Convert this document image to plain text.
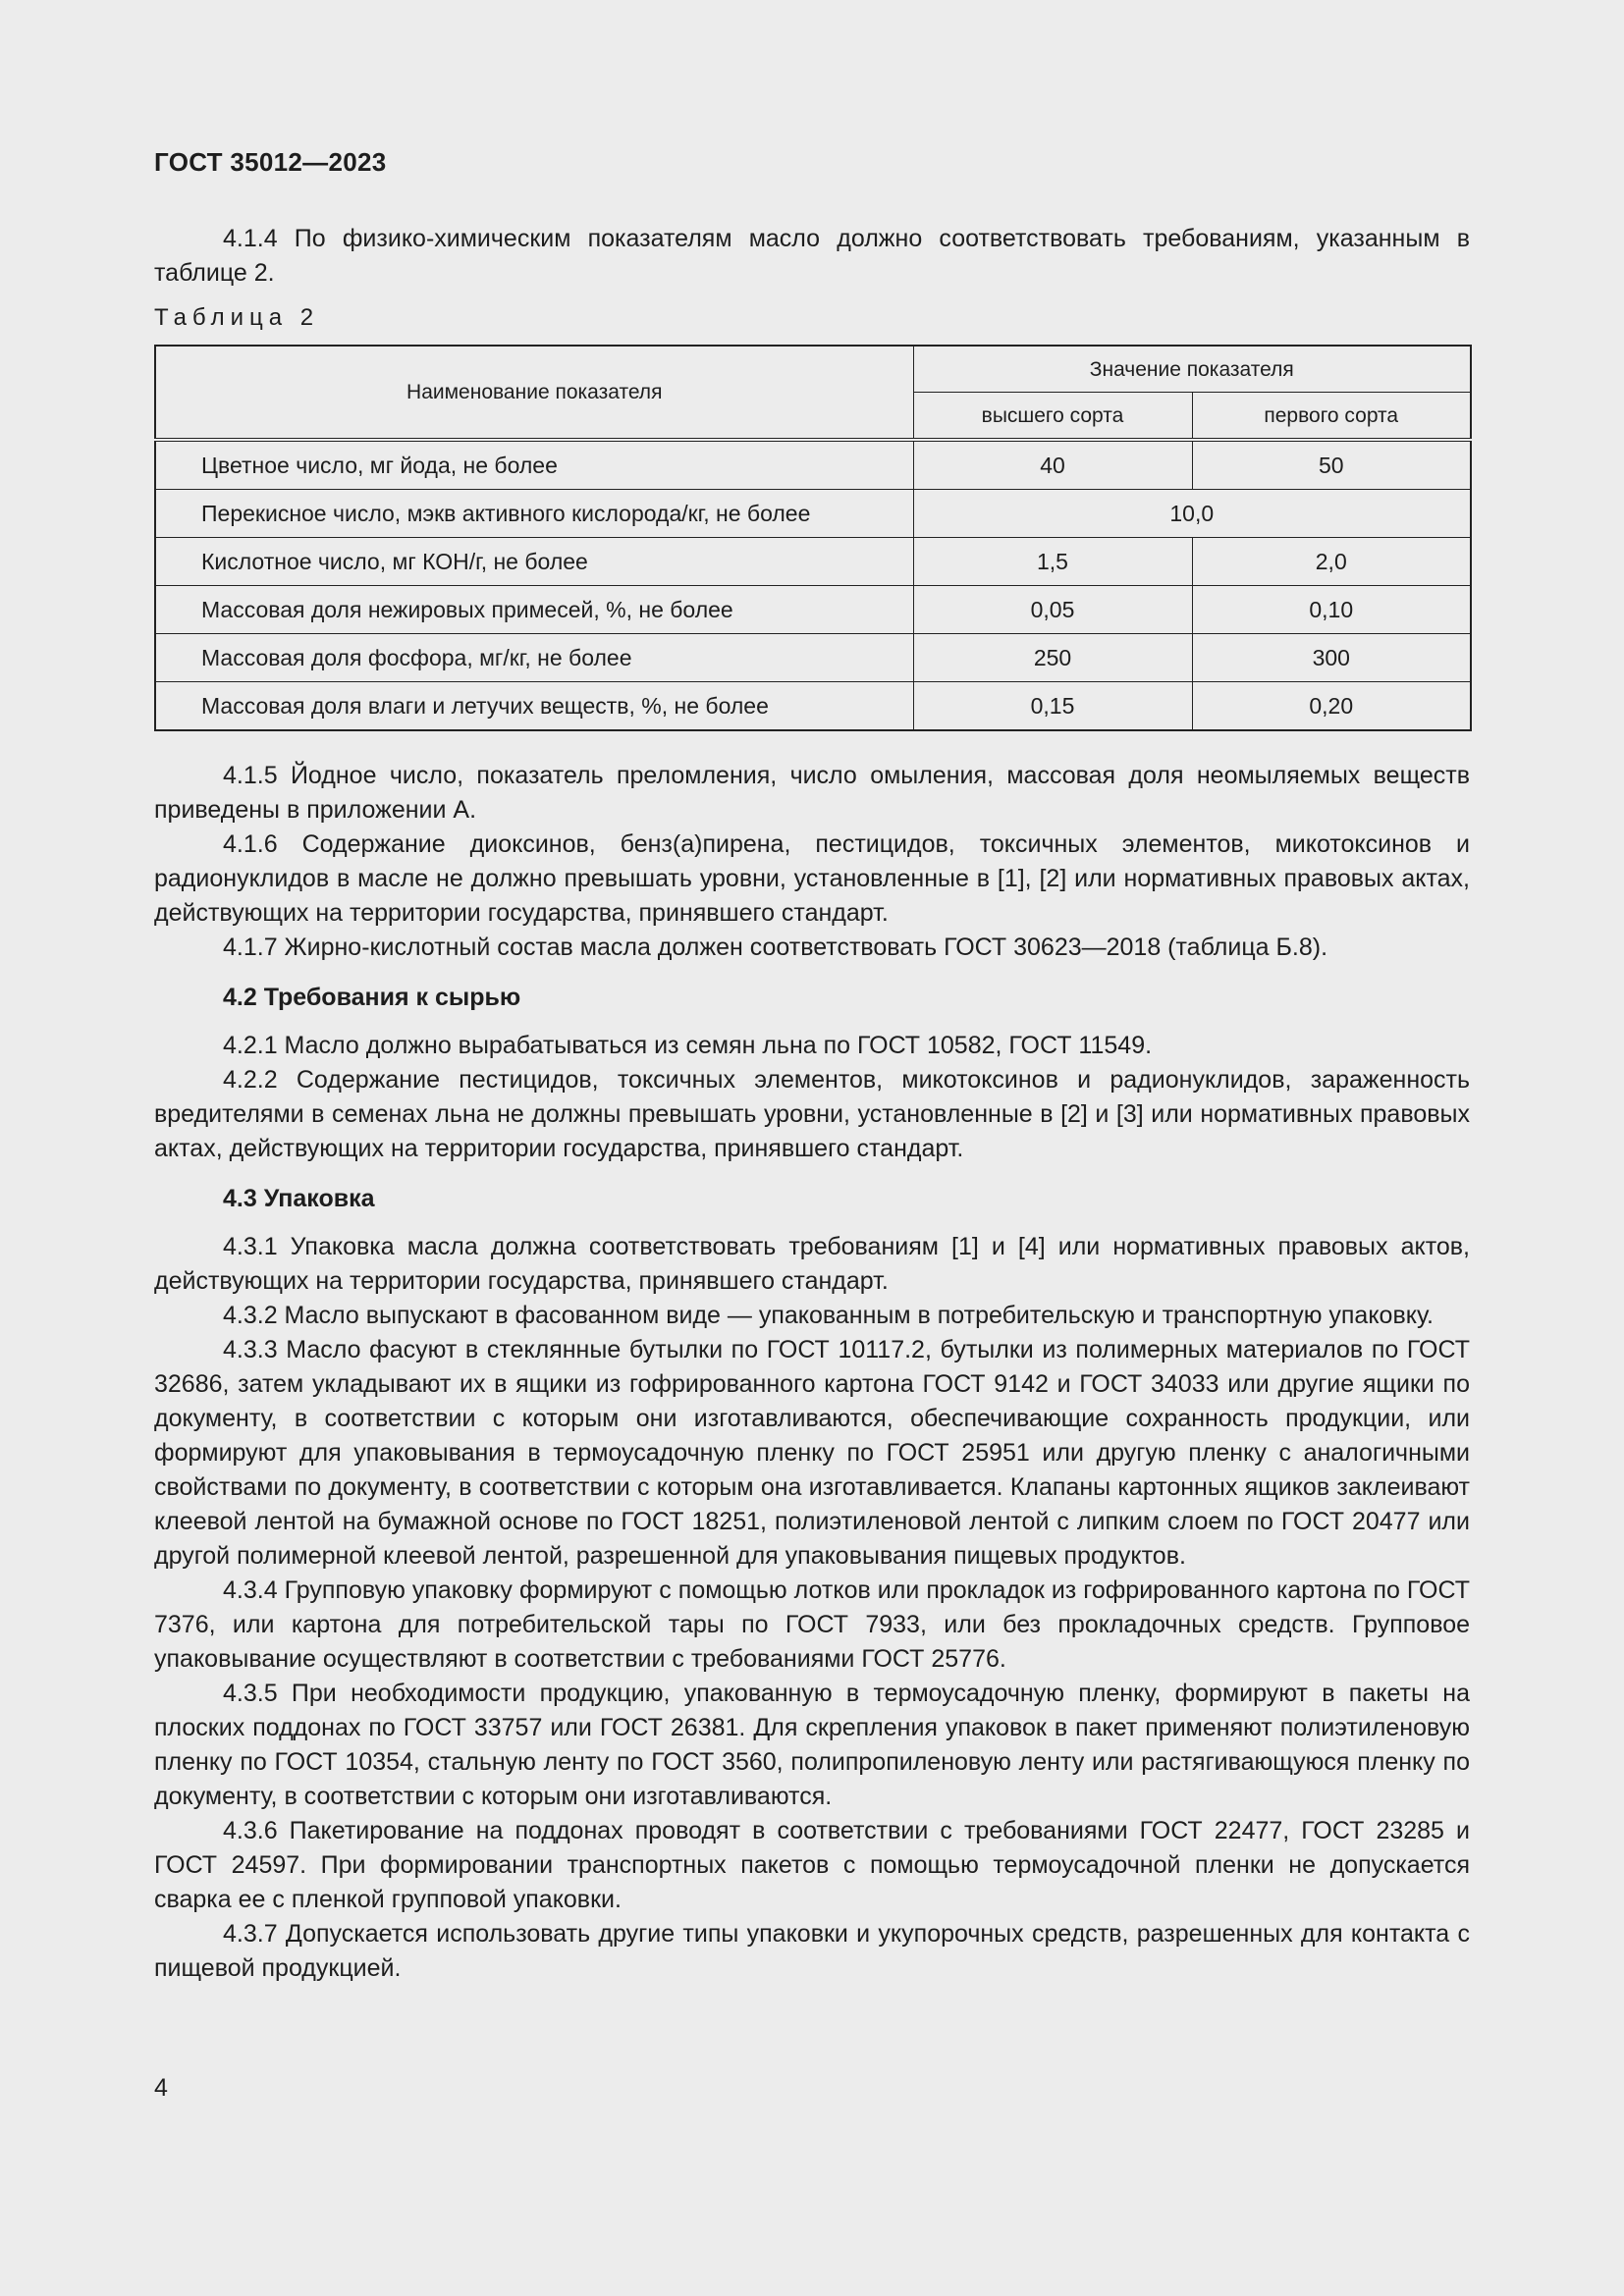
ГОСТ 35012—2023

4.1.4 По физико-химическим показателям масло должно соответствовать требованиям, указанным в таблице 2.

Таблица 2
Наименование показателя	Значение показателя	
	высшего сорта	первого сорта
Цветное число, мг йода, не более	40	50
Перекисное число, мэкв активного кислорода/кг, не более	10,0	
Кислотное число, мг КОН/г, не более	1,5	2,0
Массовая доля нежировых примесей, %, не более	0,05	0,10
Массовая доля фосфора, мг/кг, не более	250	300
Массовая доля влаги и летучих веществ, %, не более	0,15	0,20

4.1.5 Йодное число, показатель преломления, число омыления, массовая доля неомыляемых веществ приведены в приложении А.

4.1.6 Содержание диоксинов, бенз(а)пирена, пестицидов, токсичных элементов, микотоксинов и радионуклидов в масле не должно превышать уровни, установленные в [1], [2] или нормативных правовых актах, действующих на территории государства, принявшего стандарт.

4.1.7 Жирно-кислотный состав масла должен соответствовать ГОСТ 30623—2018 (таблица Б.8).

4.2 Требования к сырью

4.2.1 Масло должно вырабатываться из семян льна по ГОСТ 10582, ГОСТ 11549.

4.2.2 Содержание пестицидов, токсичных элементов, микотоксинов и радионуклидов, зараженность вредителями в семенах льна не должны превышать уровни, установленные в [2] и [3] или нормативных правовых актах, действующих на территории государства, принявшего стандарт.

4.3 Упаковка

4.3.1 Упаковка масла должна соответствовать требованиям [1] и [4] или нормативных правовых актов, действующих на территории государства, принявшего стандарт.

4.3.2 Масло выпускают в фасованном виде — упакованным в потребительскую и транспортную упаковку.

4.3.3 Масло фасуют в стеклянные бутылки по ГОСТ 10117.2, бутылки из полимерных материалов по ГОСТ 32686, затем укладывают их в ящики из гофрированного картона ГОСТ 9142 и ГОСТ 34033 или другие ящики по документу, в соответствии с которым они изготавливаются, обеспечивающие сохранность продукции, или формируют для упаковывания в термоусадочную пленку по ГОСТ 25951 или другую пленку с аналогичными свойствами по документу, в соответствии с которым она изготавливается. Клапаны картонных ящиков заклеивают клеевой лентой на бумажной основе по ГОСТ 18251, полиэтиленовой лентой с липким слоем по ГОСТ 20477 или другой полимерной клеевой лентой, разрешенной для упаковывания пищевых продуктов.

4.3.4 Групповую упаковку формируют с помощью лотков или прокладок из гофрированного картона по ГОСТ 7376, или картона для потребительской тары по ГОСТ 7933, или без прокладочных средств. Групповое упаковывание осуществляют в соответствии с требованиями ГОСТ 25776.

4.3.5 При необходимости продукцию, упакованную в термоусадочную пленку, формируют в пакеты на плоских поддонах по ГОСТ 33757 или ГОСТ 26381. Для скрепления упаковок в пакет применяют полиэтиленовую пленку по ГОСТ 10354, стальную ленту по ГОСТ 3560, полипропиленовую ленту или растягивающуюся пленку по документу, в соответствии с которым они изготавливаются.

4.3.6 Пакетирование на поддонах проводят в соответствии с требованиями ГОСТ 22477, ГОСТ 23285 и ГОСТ 24597. При формировании транспортных пакетов с помощью термоусадочной пленки не допускается сварка ее с пленкой групповой упаковки.

4.3.7 Допускается использовать другие типы упаковки и укупорочных средств, разрешенных для контакта с пищевой продукцией.

4
